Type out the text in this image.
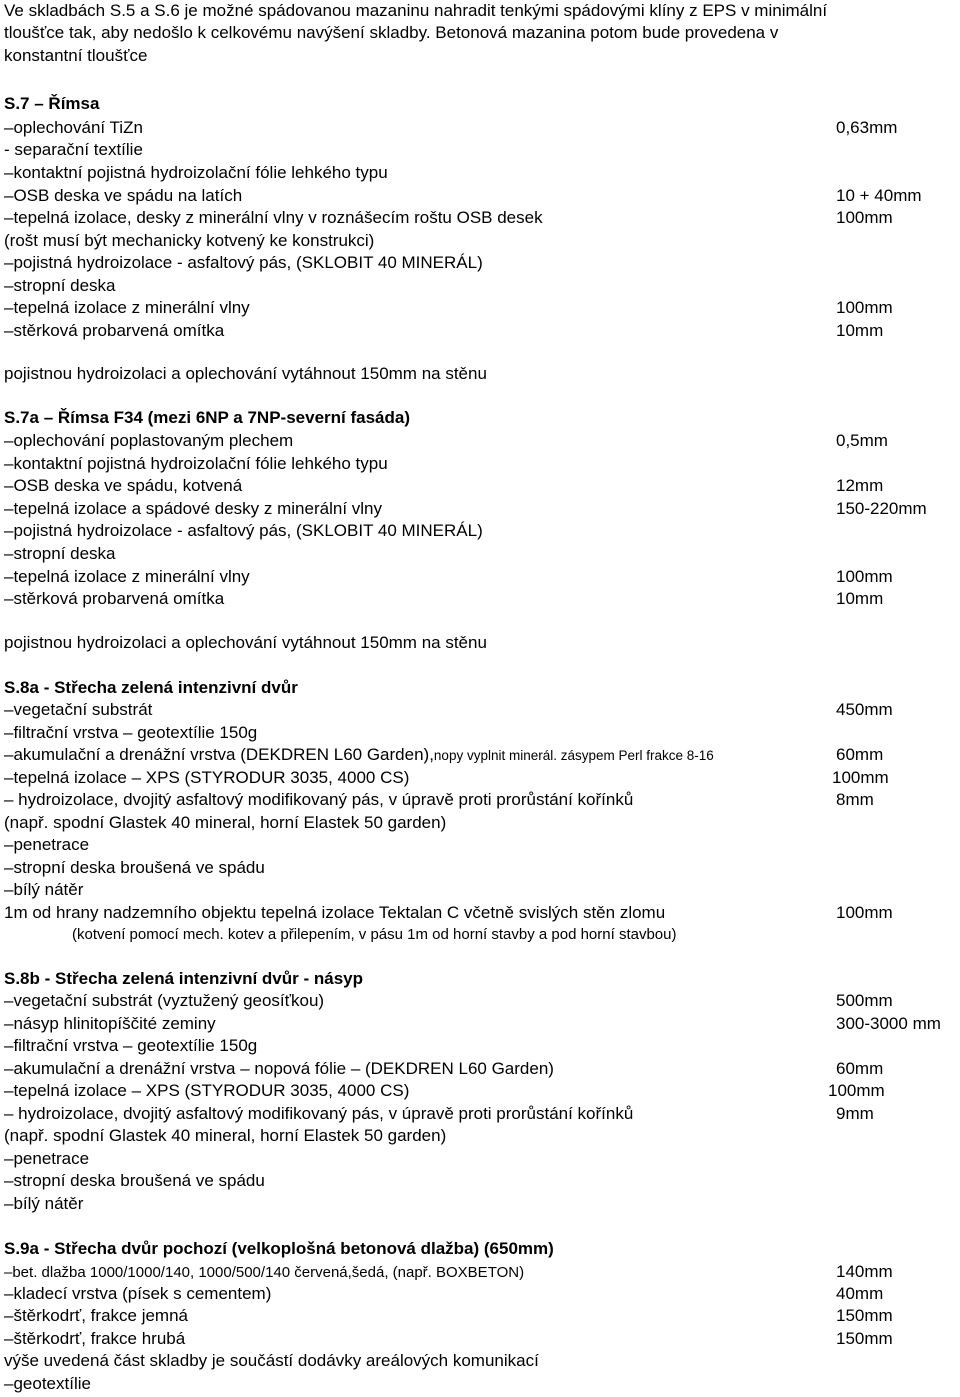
Ve skladbách S.5 a S.6 je možné spádovanou mazaninu nahradit tenkými spádovými klíny z EPS v minimální
tloušťce tak, aby nedošlo k celkovému navýšení skladby. Betonová mazanina potom bude provedena v
konstantní tloušťce
S.7 – Římsa
–oplechování TiZn	0,63mm
- separační textílie
–kontaktní pojistná hydroizolační fólie lehkého typu
–OSB deska ve spádu na latích	10 + 40mm
–tepelná izolace, desky z minerální vlny v roznášecím roštu OSB desek	100mm
(rošt musí být mechanicky kotvený ke konstrukci)
–pojistná hydroizolace - asfaltový pás, (SKLOBIT 40 MINERÁL)
–stropní deska
–tepelná izolace z minerální vlny	100mm
–stěrková probarvená omítka	10mm
pojistnou hydroizolaci a oplechování vytáhnout 150mm na stěnu
S.7a – Římsa F34 (mezi 6NP a 7NP-severní fasáda)
–oplechování poplastovaným plechem	0,5mm
–kontaktní pojistná hydroizolační fólie lehkého typu
–OSB deska ve spádu, kotvená	12mm
–tepelná izolace a spádové desky z minerální vlny	150-220mm
–pojistná hydroizolace - asfaltový pás, (SKLOBIT 40 MINERÁL)
–stropní deska
–tepelná izolace z minerální vlny	100mm
–stěrková probarvená omítka	10mm
pojistnou hydroizolaci a oplechování vytáhnout 150mm na stěnu
S.8a - Střecha zelená intenzivní dvůr
–vegetační substrát	450mm
–filtrační vrstva – geotextílie 150g
–akumulační a drenážní vrstva (DEKDREN L60 Garden),nopy vyplnit minerál. zásypem Perl frakce 8-16	60mm
–tepelná izolace – XPS (STYRODUR 3035, 4000 CS)	100mm
– hydroizolace, dvojitý asfaltový modifikovaný pás, v úpravě proti prorůstání kořínků	8mm
(např. spodní Glastek 40 mineral, horní Elastek 50 garden)
–penetrace
–stropní deska broušená ve spádu
–bílý nátěr
1m od hrany nadzemního objektu tepelná izolace Tektalan C včetně svislých stěn zlomu	100mm
(kotvení pomocí mech. kotev a přilepením, v pásu 1m od horní stavby a pod horní stavbou)
S.8b - Střecha zelená intenzivní dvůr - násyp
–vegetační substrát (vyztužený geosíťkou)	500mm
–násyp hlinitopíščité zeminy	300-3000 mm
–filtrační vrstva – geotextílie 150g
–akumulační a drenážní vrstva – nopová fólie – (DEKDREN L60 Garden)	60mm
–tepelná izolace – XPS (STYRODUR 3035, 4000 CS)	100mm
– hydroizolace, dvojitý asfaltový modifikovaný pás, v úpravě proti prorůstání kořínků	9mm
(např. spodní Glastek 40 mineral, horní Elastek 50 garden)
–penetrace
–stropní deska broušená ve spádu
–bílý nátěr
S.9a - Střecha dvůr pochozí (velkoplošná betonová dlažba) (650mm)
–bet. dlažba 1000/1000/140, 1000/500/140 červená,šedá, (např. BOXBETON)	140mm
–kladecí vrstva (písek s cementem)	40mm
–štěrkodrť, frakce jemná	150mm
–štěrkodrť, frakce hrubá	150mm
výše uvedená část skladby je součástí dodávky areálových komunikací
–geotextílie
